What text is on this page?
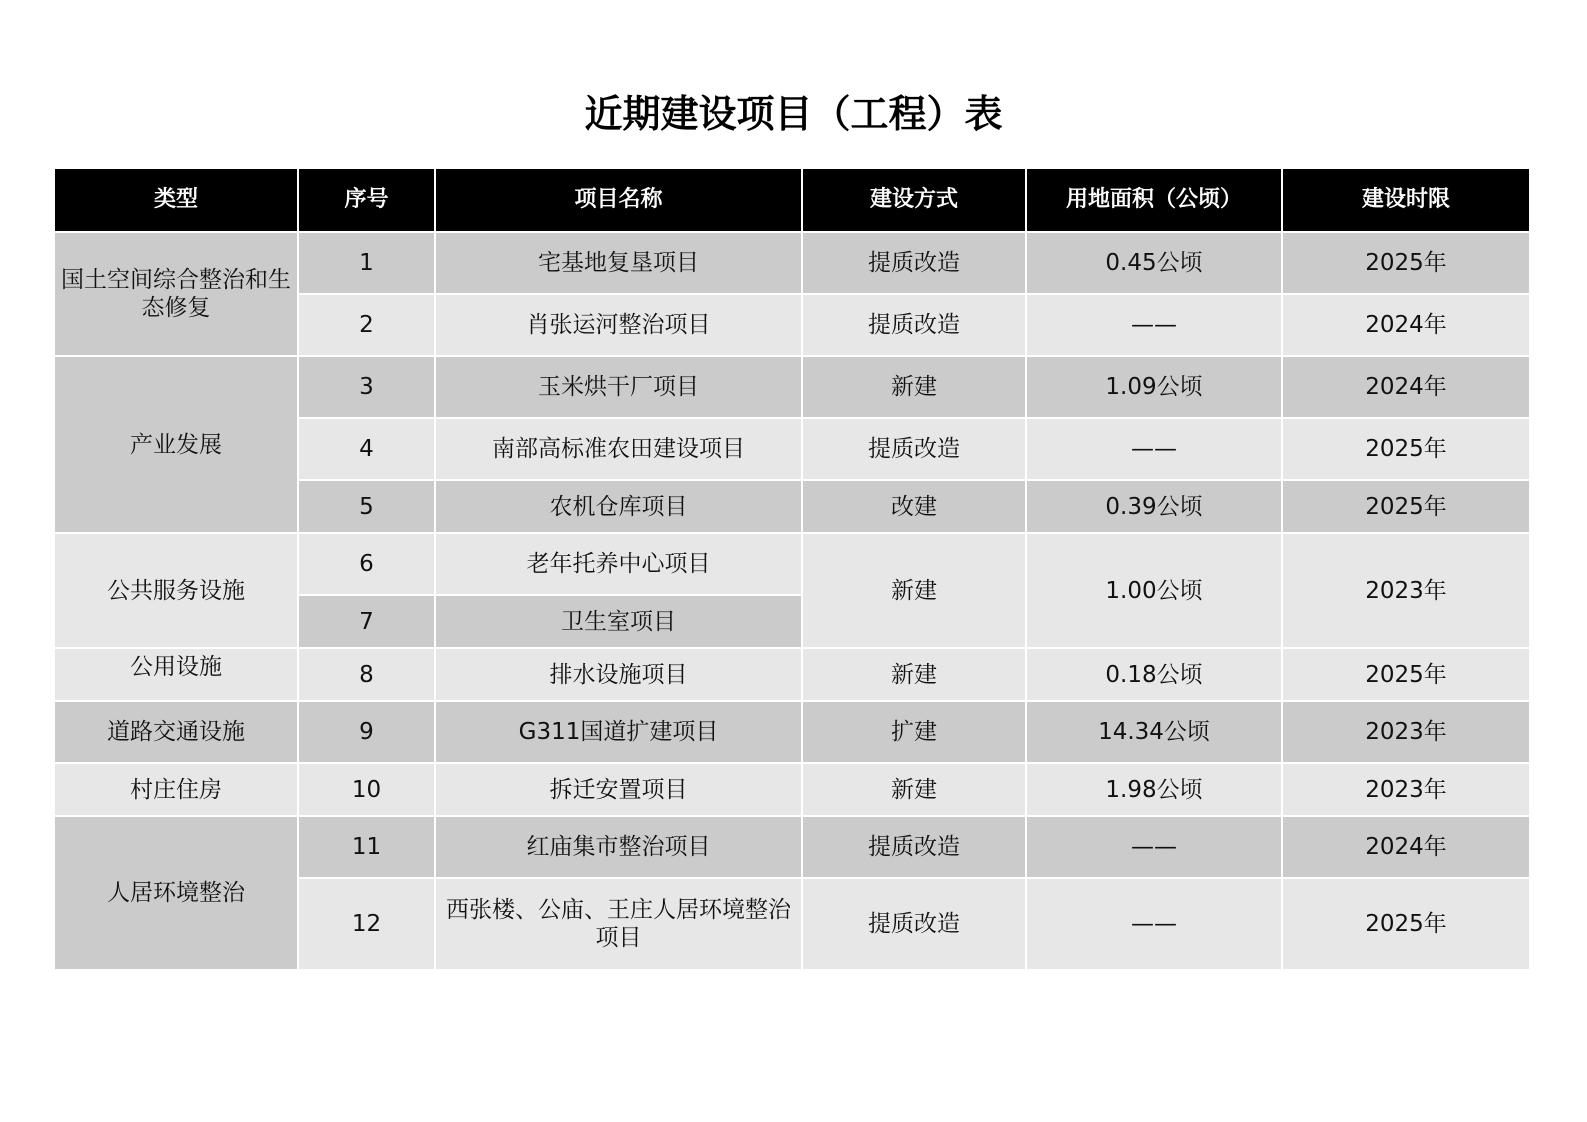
近期建设项目（工程）表
类型	序号	项目名称	建设方式	用地面积（公顷）	建设时限
国土空间综合整治和生态修复	1	宅基地复垦项目	提质改造	0.45公顷	2025年
	2	肖张运河整治项目	提质改造	——	2024年
产业发展	3	玉米烘干厂项目	新建	1.09公顷	2024年
	4	南部高标准农田建设项目	提质改造	——	2025年
	5	农机仓库项目	改建	0.39公顷	2025年
公共服务设施	6	老年托养中心项目	新建	1.00公顷	2023年
	7	卫生室项目			
公用设施	8	排水设施项目	新建	0.18公顷	2025年
道路交通设施	9	G311国道扩建项目	扩建	14.34公顷	2023年
村庄住房	10	拆迁安置项目	新建	1.98公顷	2023年
人居环境整治	11	红庙集市整治项目	提质改造	——	2024年
	12	西张楼、公庙、王庄人居环境整治项目	提质改造	——	2025年
